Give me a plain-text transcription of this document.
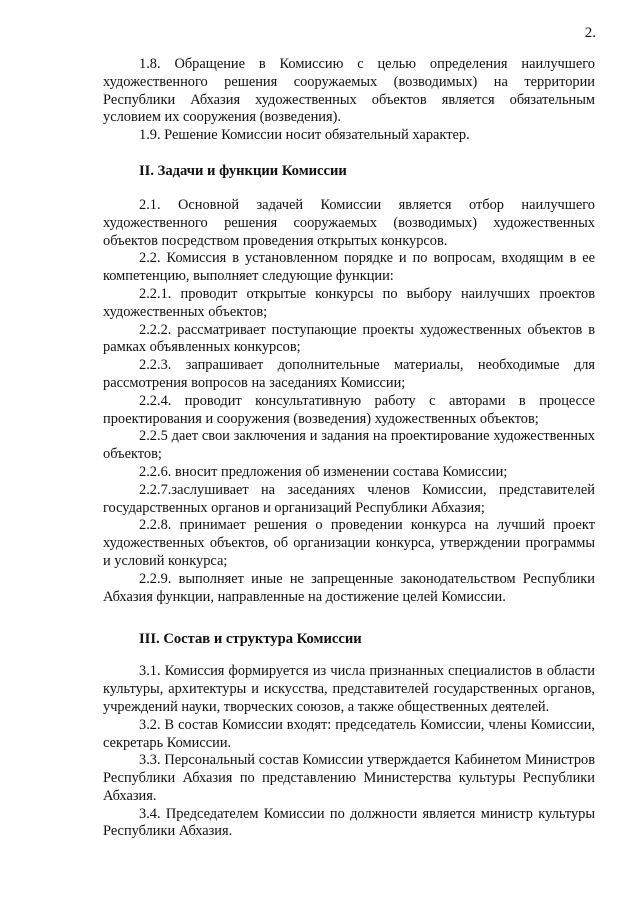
2.

1.8. Обращение в Комиссию с целью определения наилучшего художественного решения сооружаемых (возводимых) на территории Республики Абхазия художественных объектов является обязательным условием их сооружения (возведения).

1.9. Решение Комиссии носит обязательный характер.

II. Задачи и функции Комиссии

2.1. Основной задачей Комиссии является отбор наилучшего художественного решения сооружаемых (возводимых) художественных объектов посредством проведения открытых конкурсов.

2.2. Комиссия в установленном порядке и по вопросам, входящим в ее компетенцию, выполняет следующие функции:

2.2.1. проводит открытые конкурсы по выбору наилучших проектов художественных объектов;

2.2.2. рассматривает поступающие проекты художественных объектов в рамках объявленных конкурсов;

2.2.3. запрашивает дополнительные материалы, необходимые для рассмотрения вопросов на заседаниях Комиссии;

2.2.4. проводит консультативную работу с авторами в процессе проектирования и сооружения (возведения) художественных объектов;

2.2.5 дает свои заключения и задания на проектирование художественных объектов;

2.2.6. вносит предложения об изменении состава Комиссии;

2.2.7.заслушивает на заседаниях членов Комиссии, представителей государственных органов и организаций Республики Абхазия;

2.2.8. принимает решения о проведении конкурса на лучший проект художественных объектов, об организации конкурса, утверждении программы и условий конкурса;

2.2.9. выполняет иные не запрещенные законодательством Республики Абхазия функции, направленные на достижение целей Комиссии.

III. Состав и структура Комиссии

3.1. Комиссия формируется из числа признанных специалистов в области культуры, архитектуры и искусства, представителей государственных органов, учреждений науки, творческих союзов, а также общественных деятелей.

3.2. В состав Комиссии входят: председатель Комиссии, члены Комиссии, секретарь Комиссии.

3.3. Персональный состав Комиссии утверждается Кабинетом Министров Республики Абхазия по представлению Министерства культуры Республики Абхазия.

3.4. Председателем Комиссии по должности является министр культуры Республики Абхазия.
